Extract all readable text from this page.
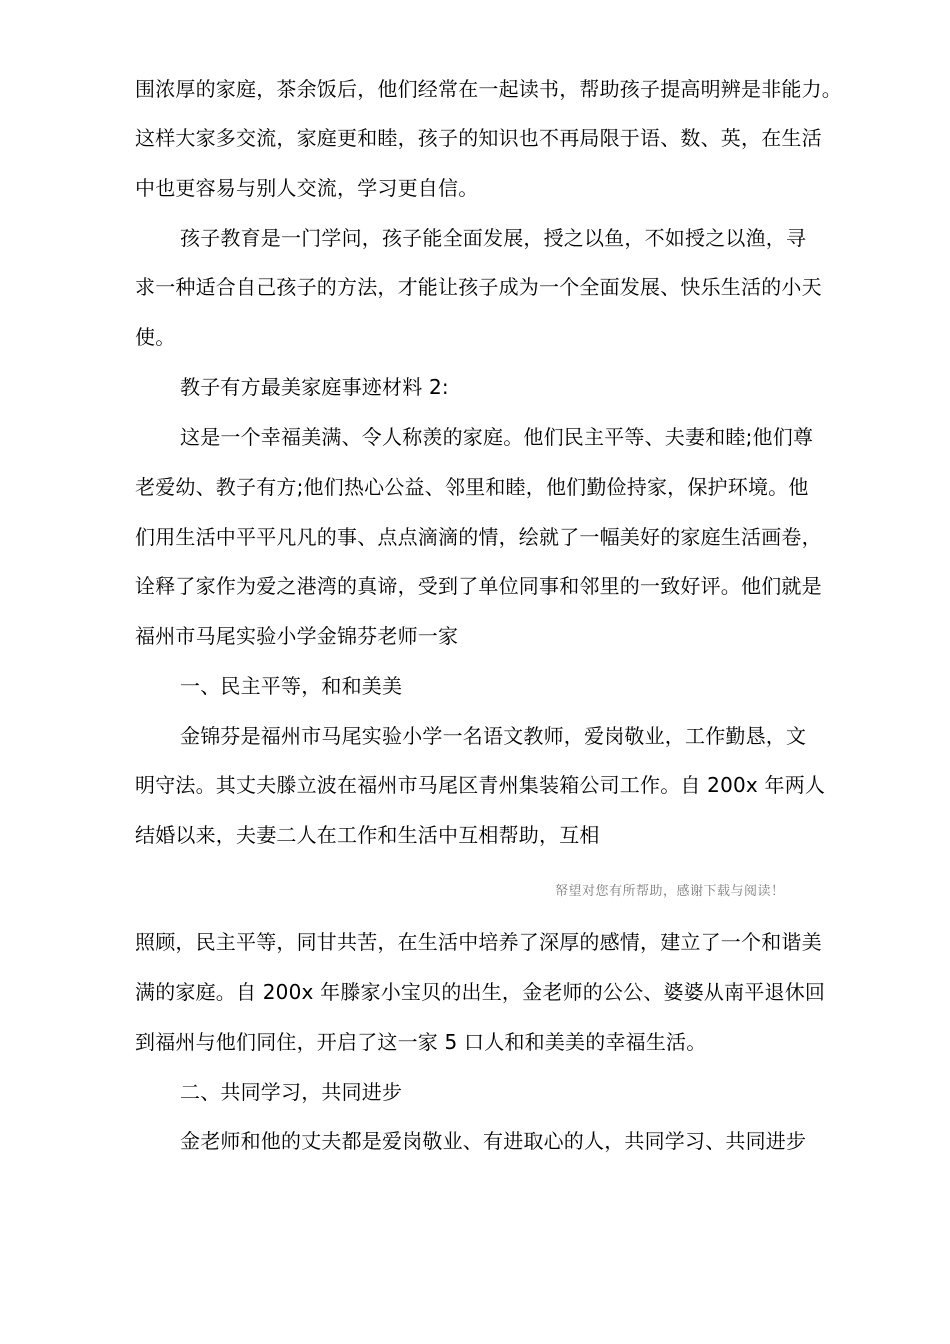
围浓厚的家庭，茶余饭后，他们经常在一起读书，帮助孩子提高明辨是非能力。
这样大家多交流，家庭更和睦，孩子的知识也不再局限于语、数、英，在生活
中也更容易与别人交流，学习更自信。
孩子教育是一门学问，孩子能全面发展，授之以鱼，不如授之以渔，寻
求一种适合自己孩子的方法，才能让孩子成为一个全面发展、快乐生活的小天
使。
教子有方最美家庭事迹材料 2:
这是一个幸福美满、令人称羡的家庭。他们民主平等、夫妻和睦;他们尊
老爱幼、教子有方;他们热心公益、邻里和睦，他们勤俭持家，保护环境。他
们用生活中平平凡凡的事、点点滴滴的情，绘就了一幅美好的家庭生活画卷，
诠释了家作为爱之港湾的真谛，受到了单位同事和邻里的一致好评。他们就是
福州市马尾实验小学金锦芬老师一家
一、民主平等，和和美美
金锦芬是福州市马尾实验小学一名语文教师，爱岗敬业，工作勤恳，文
明守法。其丈夫滕立波在福州市马尾区青州集装箱公司工作。自 200x 年两人
结婚以来，夫妻二人在工作和生活中互相帮助，互相
帑望对您有所帮助，感谢下载与阅读！
照顾，民主平等，同甘共苦，在生活中培养了深厚的感情，建立了一个和谐美
满的家庭。自 200x 年滕家小宝贝的出生，金老师的公公、婆婆从南平退休回
到福州与他们同住，开启了这一家 5 口人和和美美的幸福生活。
二、共同学习，共同进步
金老师和他的丈夫都是爱岗敬业、有进取心的人，共同学习、共同进步
